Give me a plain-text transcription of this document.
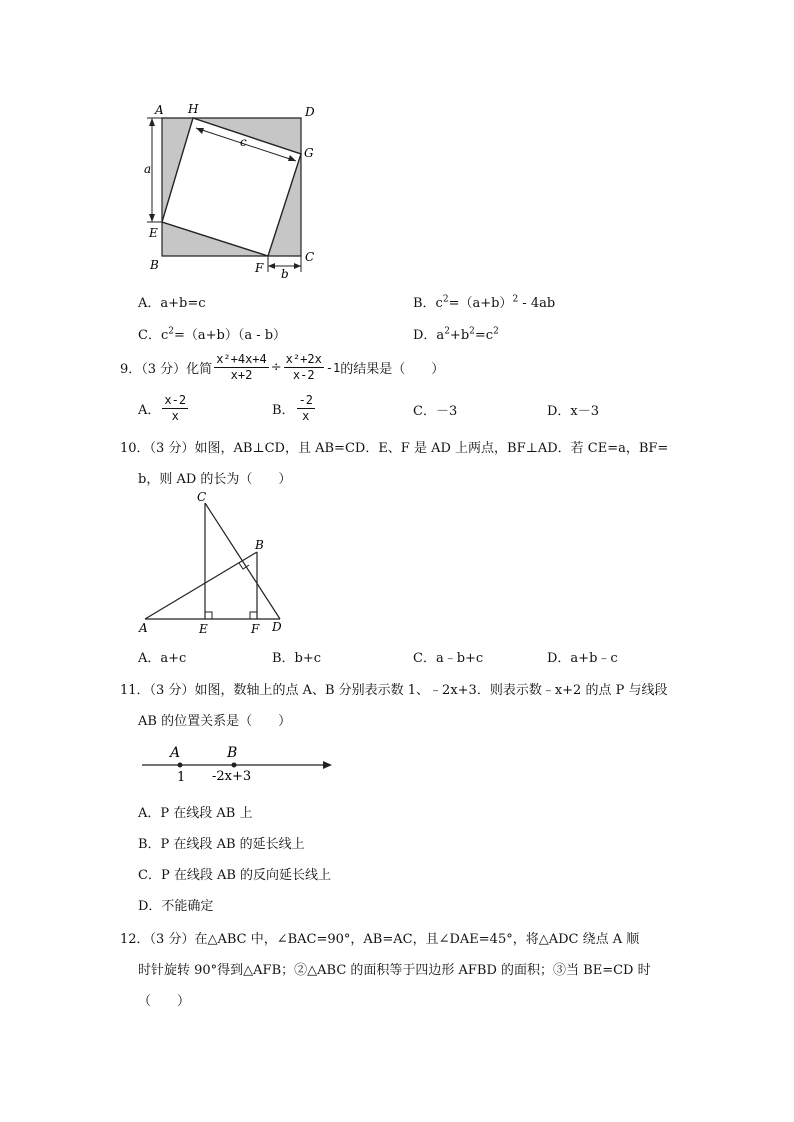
A H	D
G
a
c
E
B	F b
C
A．a+b=c	B．$c^2=(a+b)^2 - 4ab$
C．$c^2=(a+b)(a - b)$	D．$a^2+b^2=c^2$
9．（3 分）化简 $\frac{\text{x²+4x+4}}{x+2} \div \frac{\text{x²+2x}}{x-2} -1$ 的结果是（　　）
A． $\frac{x-2}{x}$	B． $\frac{-2}{x}$	C．－3	D．x－3
10．（3 分）如图，AB⊥CD，且 AB=CD．E、F 是 AD 上两点，BF⊥AD．若 CE=a，BF=
b，则 AD 的长为（　　）
C
B
A	E	F D
A．a+c	B．b+c	C．a﹣b+c	D．a+b﹣c
11．（3 分）如图，数轴上的点 A、B 分别表示数 1、﹣2x+3．则表示数﹣x+2 的点 P 与线段
AB 的位置关系是（　　）
A	B
1 -2x+3
A．P 在线段 AB 上
B．P 在线段 AB 的延长线上
C．P 在线段 AB 的反向延长线上
D．不能确定
12．（3 分）在△ABC 中，∠BAC=90°，AB=AC，且∠DAE=45°，将△ADC 绕点 A 顺
时针旋转 90°得到△AFB；②△ABC 的面积等于四边形 AFBD 的面积；③当 BE=CD 时
（　　）
